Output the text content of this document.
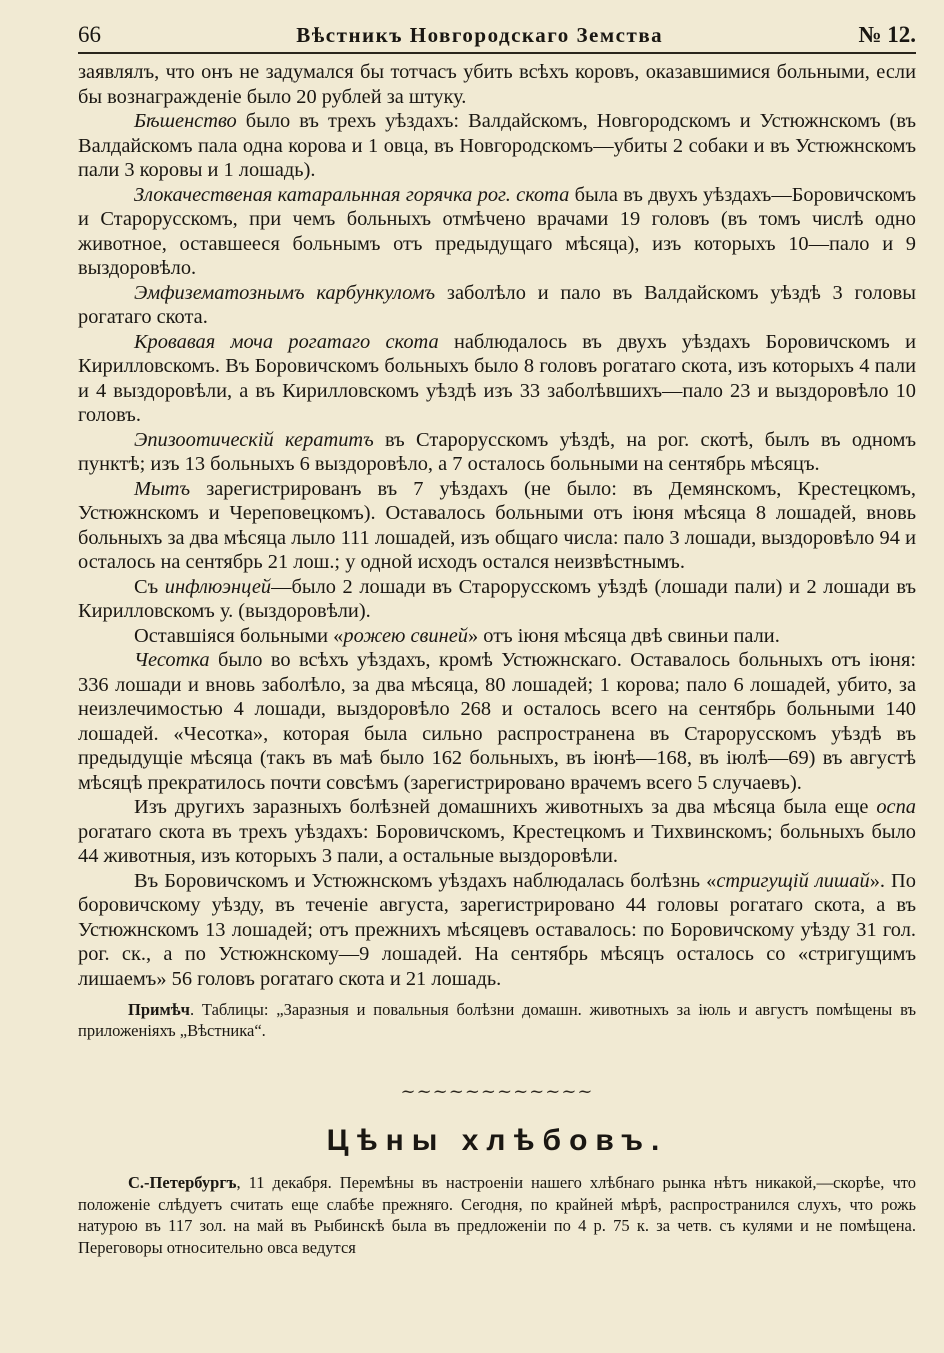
66	Вѣстникъ Новгородскаго Земства	№ 12.

заявлялъ, что онъ не задумался бы тотчасъ убить всѣхъ коровъ, оказавшимися больными, если бы вознагражденіе было 20 рублей за штуку.

Бѣшенство было въ трехъ уѣздахъ: Валдайскомъ, Новгородскомъ и Устюжнскомъ (въ Валдайскомъ пала одна корова и 1 овца, въ Новгородскомъ—убиты 2 собаки и въ Устюжнскомъ пали 3 коровы и 1 лошадь).

Злокачественая катаральнная горячка рог. скота была въ двухъ уѣздахъ—Боровичскомъ и Старорусскомъ, при чемъ больныхъ отмѣчено врачами 19 головъ (въ томъ числѣ одно животное, оставшееся больнымъ отъ предыдущаго мѣсяца), изъ которыхъ 10—пало и 9 выздоровѣло.

Эмфизематознымъ карбункуломъ заболѣло и пало въ Валдайскомъ уѣздѣ 3 головы рогатаго скота.

Кровавая моча рогатаго скота наблюдалось въ двухъ уѣздахъ Боровичскомъ и Кирилловскомъ. Въ Боровичскомъ больныхъ было 8 головъ рогатаго скота, изъ которыхъ 4 пали и 4 выздоровѣли, а въ Кирилловскомъ уѣздѣ изъ 33 заболѣвшихъ—пало 23 и выздоровѣло 10 головъ.

Эпизоотическій кератитъ въ Старорусскомъ уѣздѣ, на рог. скотѣ, былъ въ одномъ пунктѣ; изъ 13 больныхъ 6 выздоровѣло, а 7 осталось больными на сентябрь мѣсяцъ.

Мытъ зарегистрированъ въ 7 уѣздахъ (не было: въ Демянскомъ, Крестецкомъ, Устюжнскомъ и Череповецкомъ). Оставалось больными отъ іюня мѣсяца 8 лошадей, вновь больныхъ за два мѣсяца лыло 111 лошадей, изъ общаго числа: пало 3 лошади, выздоровѣло 94 и осталось на сентябрь 21 лош.; у одной исходъ остался неизвѣстнымъ.

Съ инфлюэнцей—было 2 лошади въ Старорусскомъ уѣздѣ (лошади пали) и 2 лошади въ Кирилловскомъ у. (выздоровѣли).

Оставшіяся больными «рожею свиней» отъ іюня мѣсяца двѣ свиньи пали.

Чесотка было во всѣхъ уѣздахъ, кромѣ Устюжнскаго. Оставалось больныхъ отъ іюня: 336 лошади и вновь заболѣло, за два мѣсяца, 80 лошадей; 1 корова; пало 6 лошадей, убито, за неизлечимостью 4 лошади, выздоровѣло 268 и осталось всего на сентябрь больными 140 лошадей. «Чесотка», которая была сильно распространена въ Старорусскомъ уѣздѣ въ предыдущіе мѣсяца (такъ въ маѣ было 162 больныхъ, въ іюнѣ—168, въ іюлѣ—69) въ августѣ мѣсяцѣ прекратилось почти совсѣмъ (зарегистрировано врачемъ всего 5 случаевъ).

Изъ другихъ заразныхъ болѣзней домашнихъ животныхъ за два мѣсяца была еще оспа рогатаго скота въ трехъ уѣздахъ: Боровичскомъ, Крестецкомъ и Тихвинскомъ; больныхъ было 44 животныя, изъ которыхъ 3 пали, а остальные выздоровѣли.

Въ Боровичскомъ и Устюжнскомъ уѣздахъ наблюдалась болѣзнь «стригущій лишай». По боровичскому уѣзду, въ теченіе августа, зарегистрировано 44 головы рогатаго скота, а въ Устюжнскомъ 13 лошадей; отъ прежнихъ мѣсяцевъ оставалось: по Боровичскому уѣзду 31 гол. рог. ск., а по Устюжнскому—9 лошадей. На сентябрь мѣсяцъ осталось со «стригущимъ лишаемъ» 56 головъ рогатаго скота и 21 лошадь.

Примѣч. Таблицы: „Заразныя и повальныя болѣзни домашн. животныхъ за іюль и августъ помѣщены въ приложеніяхъ „Вѣстника“.

~~~~~~~~~~~~
Цѣны хлѣбовъ.

С.-Петербургъ, 11 декабря. Перемѣны въ настроеніи нашего хлѣбнаго рынка нѣтъ никакой,—скорѣе, что положеніе слѣдуетъ считать еще слабѣе прежняго. Сегодня, по крайней мѣрѣ, распространился слухъ, что рожь натурою въ 117 зол. на май въ Рыбинскѣ была въ предложеніи по 4 р. 75 к. за четв. съ кулями и не помѣщена. Переговоры относительно овса ведутся
